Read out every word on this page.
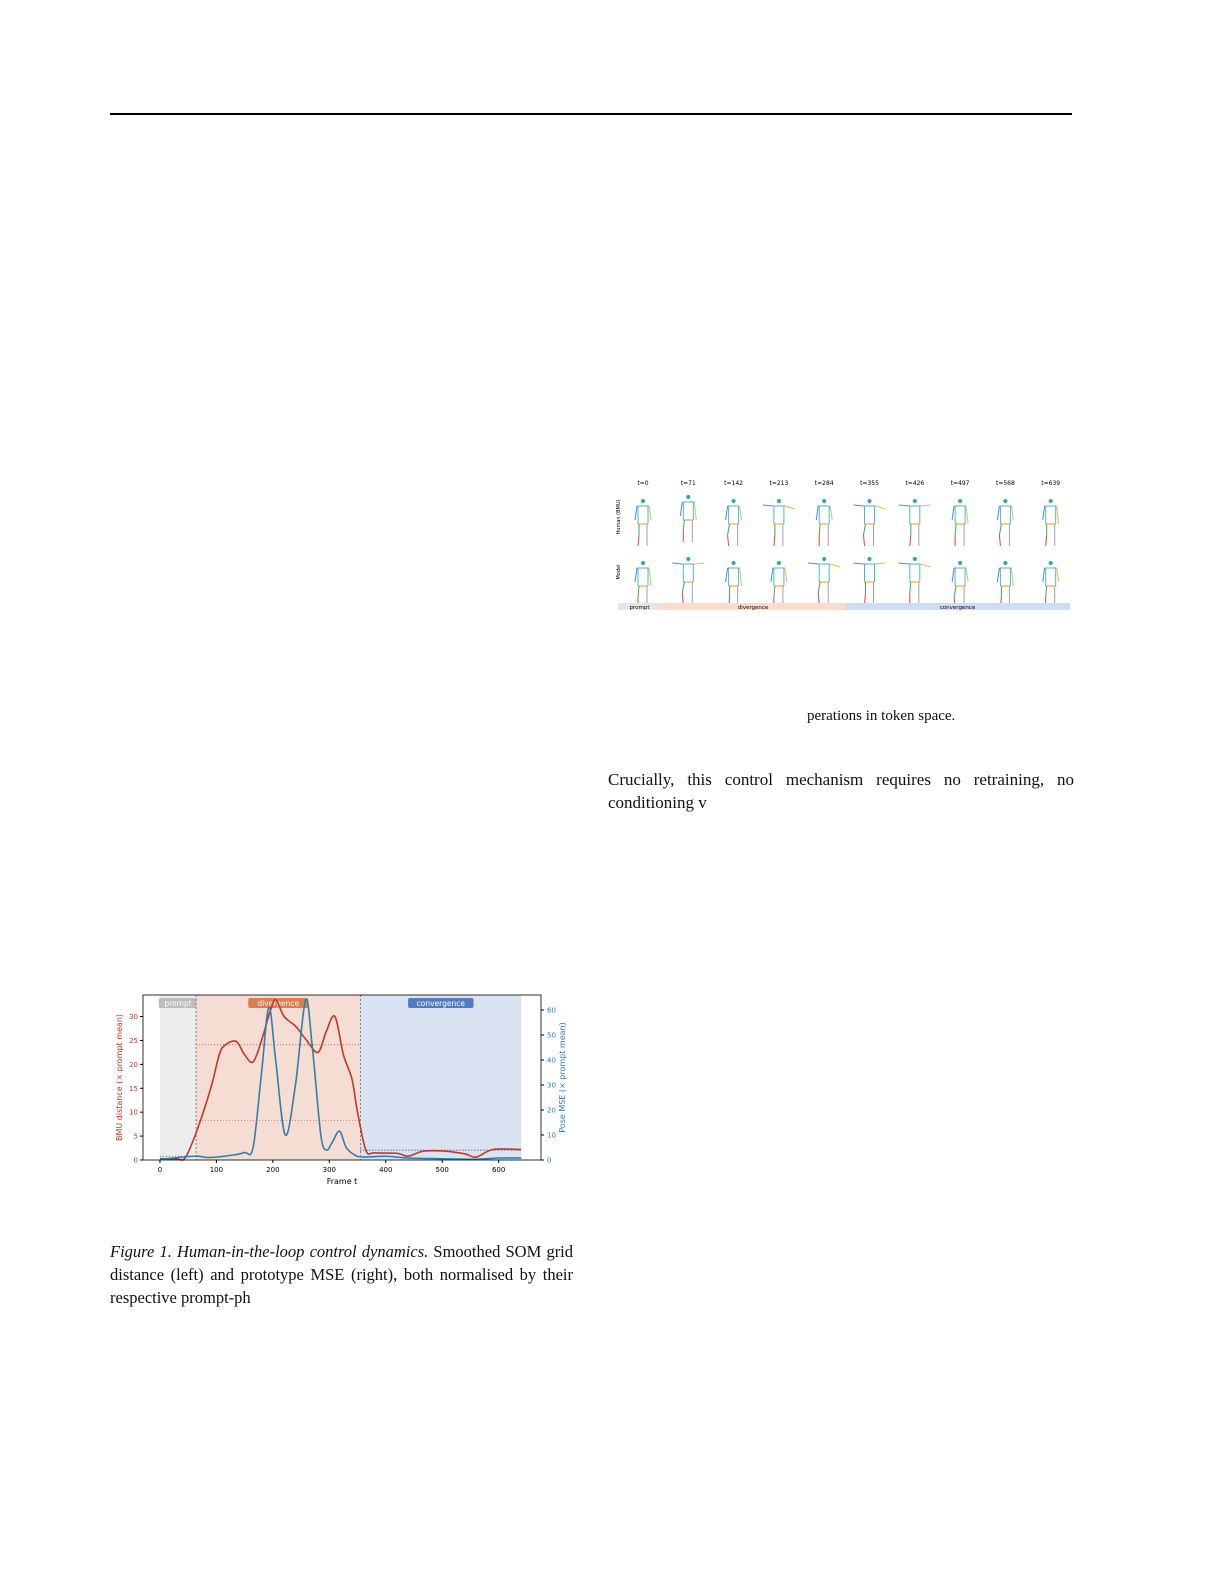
t=0	t=71	t=142	t=213	t=284	t=355	t=426	t=497	t=568	t=639
Human (BMU)
Model
prompt	divergence	convergence
perations in token space.
Crucially, this control mechanism requires no retraining, no conditioning v
prompt	divergence	convergence
0	100	200	300	400	500	600
0
5
10
15
20
25
30
0
10
20
30
40
50
60
Frame t
BMU distance (× prompt mean)	Pose MSE (× prompt mean)
Figure 1. Human-in-the-loop control dynamics. Smoothed SOM grid distance (left) and prototype MSE (right), both normalised by their respective prompt-ph
